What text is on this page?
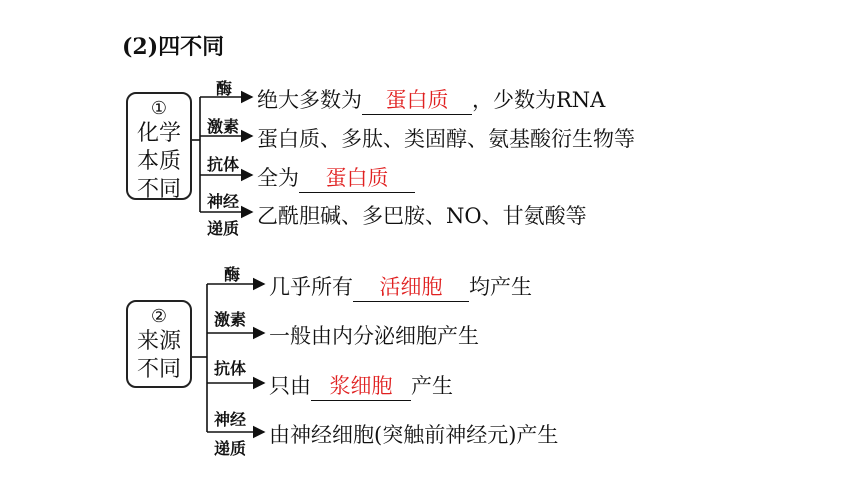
(2)四不同
①
化学
本质
不同
酶 绝大多数为 蛋白质 ，少数为RNA
激素
蛋白质、多肽、类固醇、氨基酸衍生物等
抗体
全为 蛋白质
神经
递质
乙酰胆碱、多巴胺、NO、甘氨酸等
②
来源
不同
酶
几乎所有 活细胞 均产生
激素
一般由内分泌细胞产生
抗体
只由 浆细胞 产生
神经
递质
由神经细胞(突触前神经元)产生
